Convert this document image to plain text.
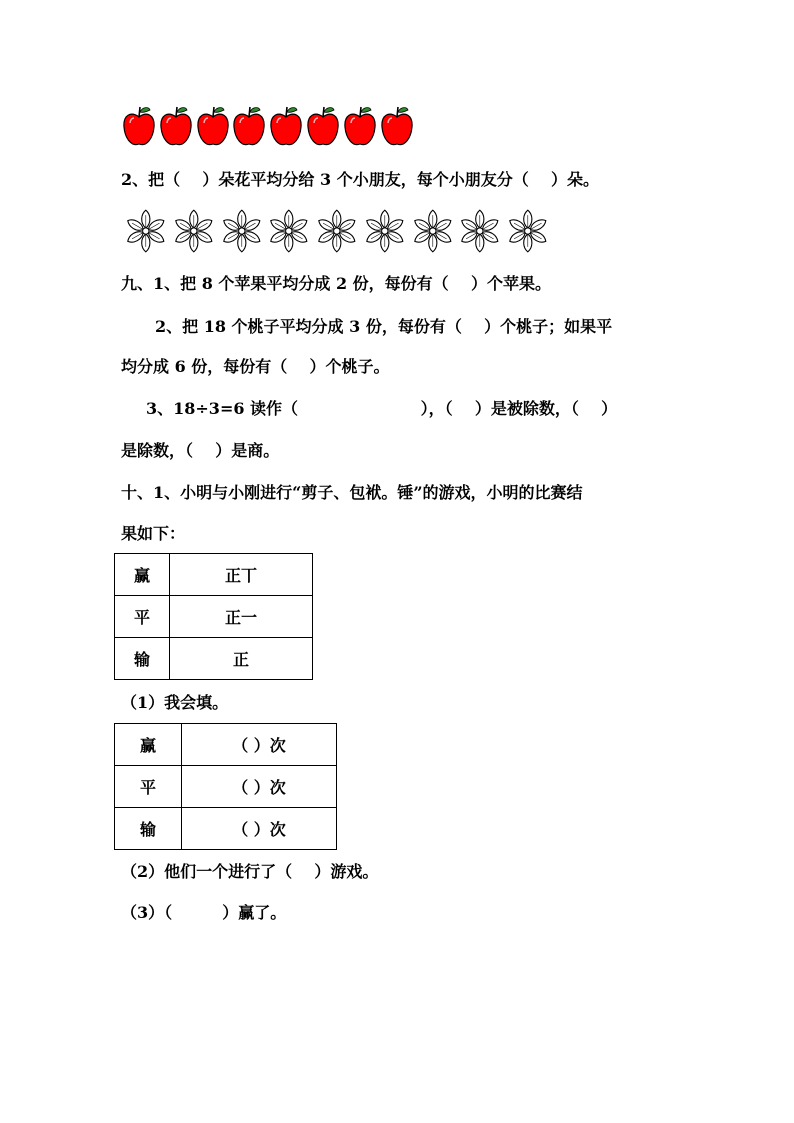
2、把（    ）朵花平均分给 3 个小朋友，每个小朋友分（    ）朵。
九、1、把 8 个苹果平均分成 2 份，每份有（    ）个苹果。
2、把 18 个桃子平均分成 3 份，每份有（    ）个桃子；如果平
均分成 6 份，每份有（    ）个桃子。
3、18÷3=6 读作（                      ），（    ）是被除数，（    ）
是除数，（    ）是商。
十、1、小明与小刚进行“剪子、包袱。锤”的游戏，小明的比赛结
果如下：
赢	正丅
平	正一
输	正
（1）我会填。
赢	（ ）次
平	（ ）次
输	（ ）次
（2）他们一个进行了（    ）游戏。
（3）（         ）赢了。
